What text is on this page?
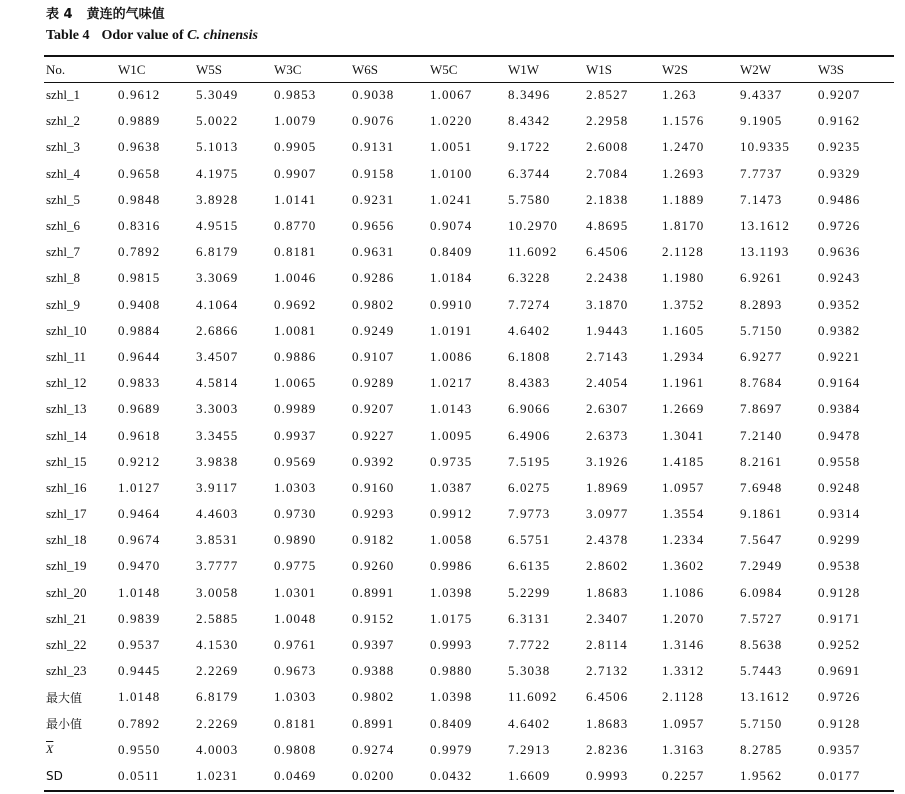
表 4 黄连的气味值
Table 4 Odor value of C. chinensis
No.	W1C	W5S	W3C	W6S	W5C	W1W	W1S	W2S	W2W	W3S
szhl_1	0.9612	5.3049	0.9853	0.9038	1.0067	8.3496	2.8527	1.263	9.4337	0.9207
szhl_2	0.9889	5.0022	1.0079	0.9076	1.0220	8.4342	2.2958	1.1576	9.1905	0.9162
szhl_3	0.9638	5.1013	0.9905	0.9131	1.0051	9.1722	2.6008	1.2470	10.9335	0.9235
szhl_4	0.9658	4.1975	0.9907	0.9158	1.0100	6.3744	2.7084	1.2693	7.7737	0.9329
szhl_5	0.9848	3.8928	1.0141	0.9231	1.0241	5.7580	2.1838	1.1889	7.1473	0.9486
szhl_6	0.8316	4.9515	0.8770	0.9656	0.9074	10.2970	4.8695	1.8170	13.1612	0.9726
szhl_7	0.7892	6.8179	0.8181	0.9631	0.8409	11.6092	6.4506	2.1128	13.1193	0.9636
szhl_8	0.9815	3.3069	1.0046	0.9286	1.0184	6.3228	2.2438	1.1980	6.9261	0.9243
szhl_9	0.9408	4.1064	0.9692	0.9802	0.9910	7.7274	3.1870	1.3752	8.2893	0.9352
szhl_10	0.9884	2.6866	1.0081	0.9249	1.0191	4.6402	1.9443	1.1605	5.7150	0.9382
szhl_11	0.9644	3.4507	0.9886	0.9107	1.0086	6.1808	2.7143	1.2934	6.9277	0.9221
szhl_12	0.9833	4.5814	1.0065	0.9289	1.0217	8.4383	2.4054	1.1961	8.7684	0.9164
szhl_13	0.9689	3.3003	0.9989	0.9207	1.0143	6.9066	2.6307	1.2669	7.8697	0.9384
szhl_14	0.9618	3.3455	0.9937	0.9227	1.0095	6.4906	2.6373	1.3041	7.2140	0.9478
szhl_15	0.9212	3.9838	0.9569	0.9392	0.9735	7.5195	3.1926	1.4185	8.2161	0.9558
szhl_16	1.0127	3.9117	1.0303	0.9160	1.0387	6.0275	1.8969	1.0957	7.6948	0.9248
szhl_17	0.9464	4.4603	0.9730	0.9293	0.9912	7.9773	3.0977	1.3554	9.1861	0.9314
szhl_18	0.9674	3.8531	0.9890	0.9182	1.0058	6.5751	2.4378	1.2334	7.5647	0.9299
szhl_19	0.9470	3.7777	0.9775	0.9260	0.9986	6.6135	2.8602	1.3602	7.2949	0.9538
szhl_20	1.0148	3.0058	1.0301	0.8991	1.0398	5.2299	1.8683	1.1086	6.0984	0.9128
szhl_21	0.9839	2.5885	1.0048	0.9152	1.0175	6.3131	2.3407	1.2070	7.5727	0.9171
szhl_22	0.9537	4.1530	0.9761	0.9397	0.9993	7.7722	2.8114	1.3146	8.5638	0.9252
szhl_23	0.9445	2.2269	0.9673	0.9388	0.9880	5.3038	2.7132	1.3312	5.7443	0.9691
最大值	1.0148	6.8179	1.0303	0.9802	1.0398	11.6092	6.4506	2.1128	13.1612	0.9726
最小值	0.7892	2.2269	0.8181	0.8991	0.8409	4.6402	1.8683	1.0957	5.7150	0.9128
$\overline{X}$	0.9550	4.0003	0.9808	0.9274	0.9979	7.2913	2.8236	1.3163	8.2785	0.9357
SD	0.0511	1.0231	0.0469	0.0200	0.0432	1.6609	0.9993	0.2257	1.9562	0.0177
